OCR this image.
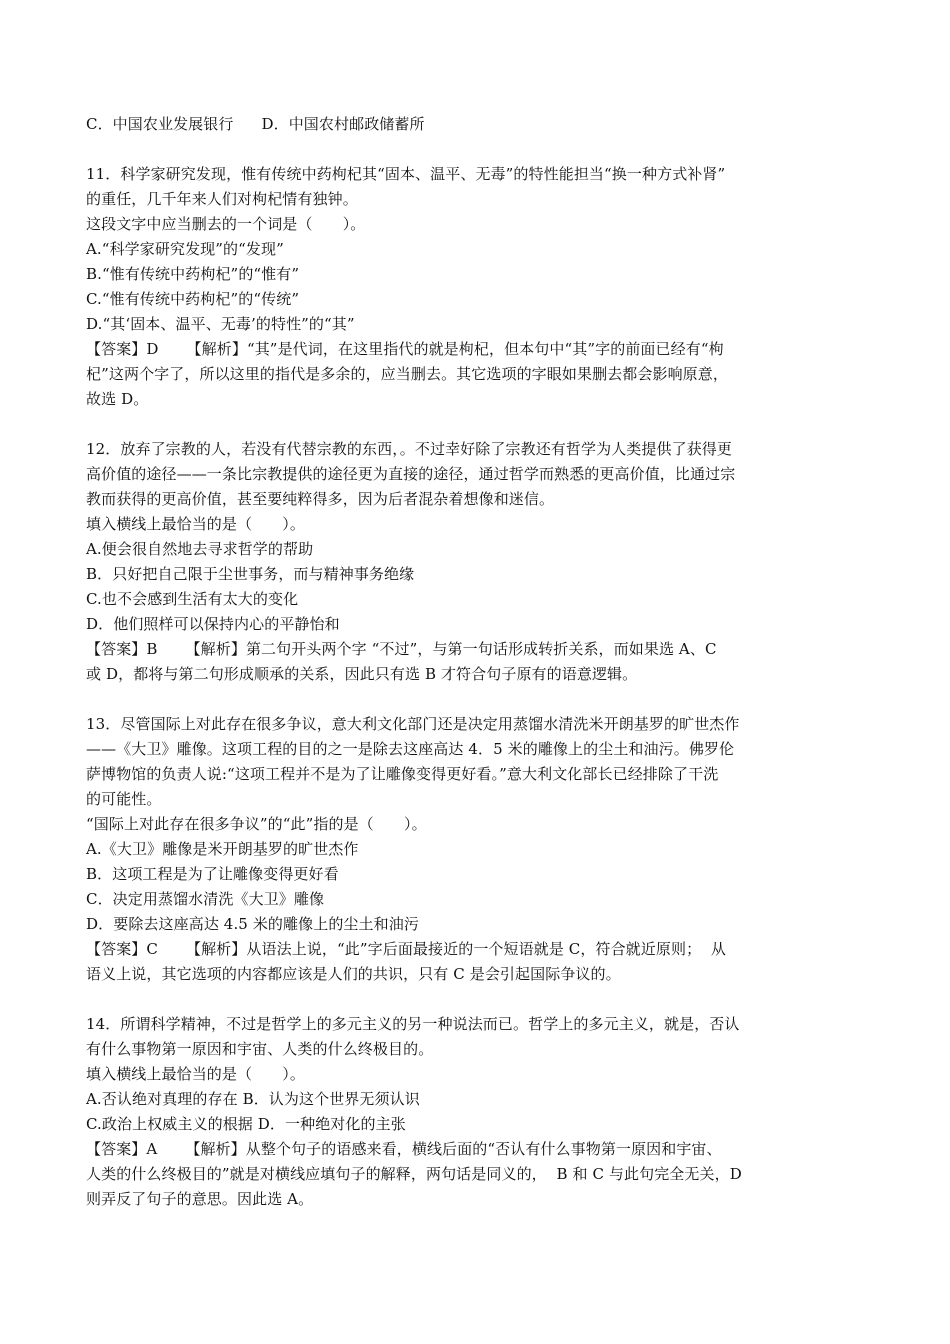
C．中国农业发展银行 D．中国农村邮政储蓄所
11．科学家研究发现，惟有传统中药枸杞其“固本、温平、无毒”的特性能担当“换一种方式补肾”
的重任，几千年来人们对枸杞情有独钟。
这段文字中应当删去的一个词是（　　）。
A.“科学家研究发现”的“发现”
B.“惟有传统中药枸杞”的“惟有”
C.“惟有传统中药枸杞”的“传统”
D.“其‘固本、温平、无毒’的特性”的“其”
【答案】D 【解析】“其”是代词，在这里指代的就是枸杞，但本句中“其”字的前面已经有“枸
杞”这两个字了，所以这里的指代是多余的，应当删去。其它选项的字眼如果删去都会影响原意，
故选 D。
12．放弃了宗教的人，若没有代替宗教的东西，。不过幸好除了宗教还有哲学为人类提供了获得更
高价值的途径——一条比宗教提供的途径更为直接的途径，通过哲学而熟悉的更高价值，比通过宗
教而获得的更高价值，甚至要纯粹得多，因为后者混杂着想像和迷信。
填入横线上最恰当的是（　　）。
A.便会很自然地去寻求哲学的帮助
B．只好把自己限于尘世事务，而与精神事务绝缘
C.也不会感到生活有太大的变化
D．他们照样可以保持内心的平静怡和
【答案】B 【解析】第二句开头两个字 “不过”，与第一句话形成转折关系，而如果选 A、C
或 D，都将与第二句形成顺承的关系，因此只有选 B 才符合句子原有的语意逻辑。
13．尽管国际上对此存在很多争议，意大利文化部门还是决定用蒸馏水清洗米开朗基罗的旷世杰作
——《大卫》雕像。这项工程的目的之一是除去这座高达 4．5 米的雕像上的尘土和油污。佛罗伦
萨博物馆的负责人说:“这项工程并不是为了让雕像变得更好看。”意大利文化部长已经排除了干洗
的可能性。
“国际上对此存在很多争议”的“此”指的是（　　）。
A.《大卫》雕像是米开朗基罗的旷世杰作
B．这项工程是为了让雕像变得更好看
C．决定用蒸馏水清洗《大卫》雕像
D．要除去这座高达 4.5 米的雕像上的尘土和油污
【答案】C 【解析】从语法上说，“此”字后面最接近的一个短语就是 C，符合就近原则；  从
语义上说，其它选项的内容都应该是人们的共识，只有 C 是会引起国际争议的。
14．所谓科学精神，不过是哲学上的多元主义的另一种说法而已。哲学上的多元主义，就是，否认
有什么事物第一原因和宇宙、人类的什么终极目的。
填入横线上最恰当的是（　　）。
A.否认绝对真理的存在 B．认为这个世界无须认识
C.政治上权威主义的根据 D．一种绝对化的主张
【答案】A 【解析】从整个句子的语感来看，横线后面的“否认有什么事物第一原因和宇宙、
人类的什么终极目的”就是对横线应填句子的解释，两句话是同义的，  B 和 C 与此句完全无关，D
则弄反了句子的意思。因此选 A。
